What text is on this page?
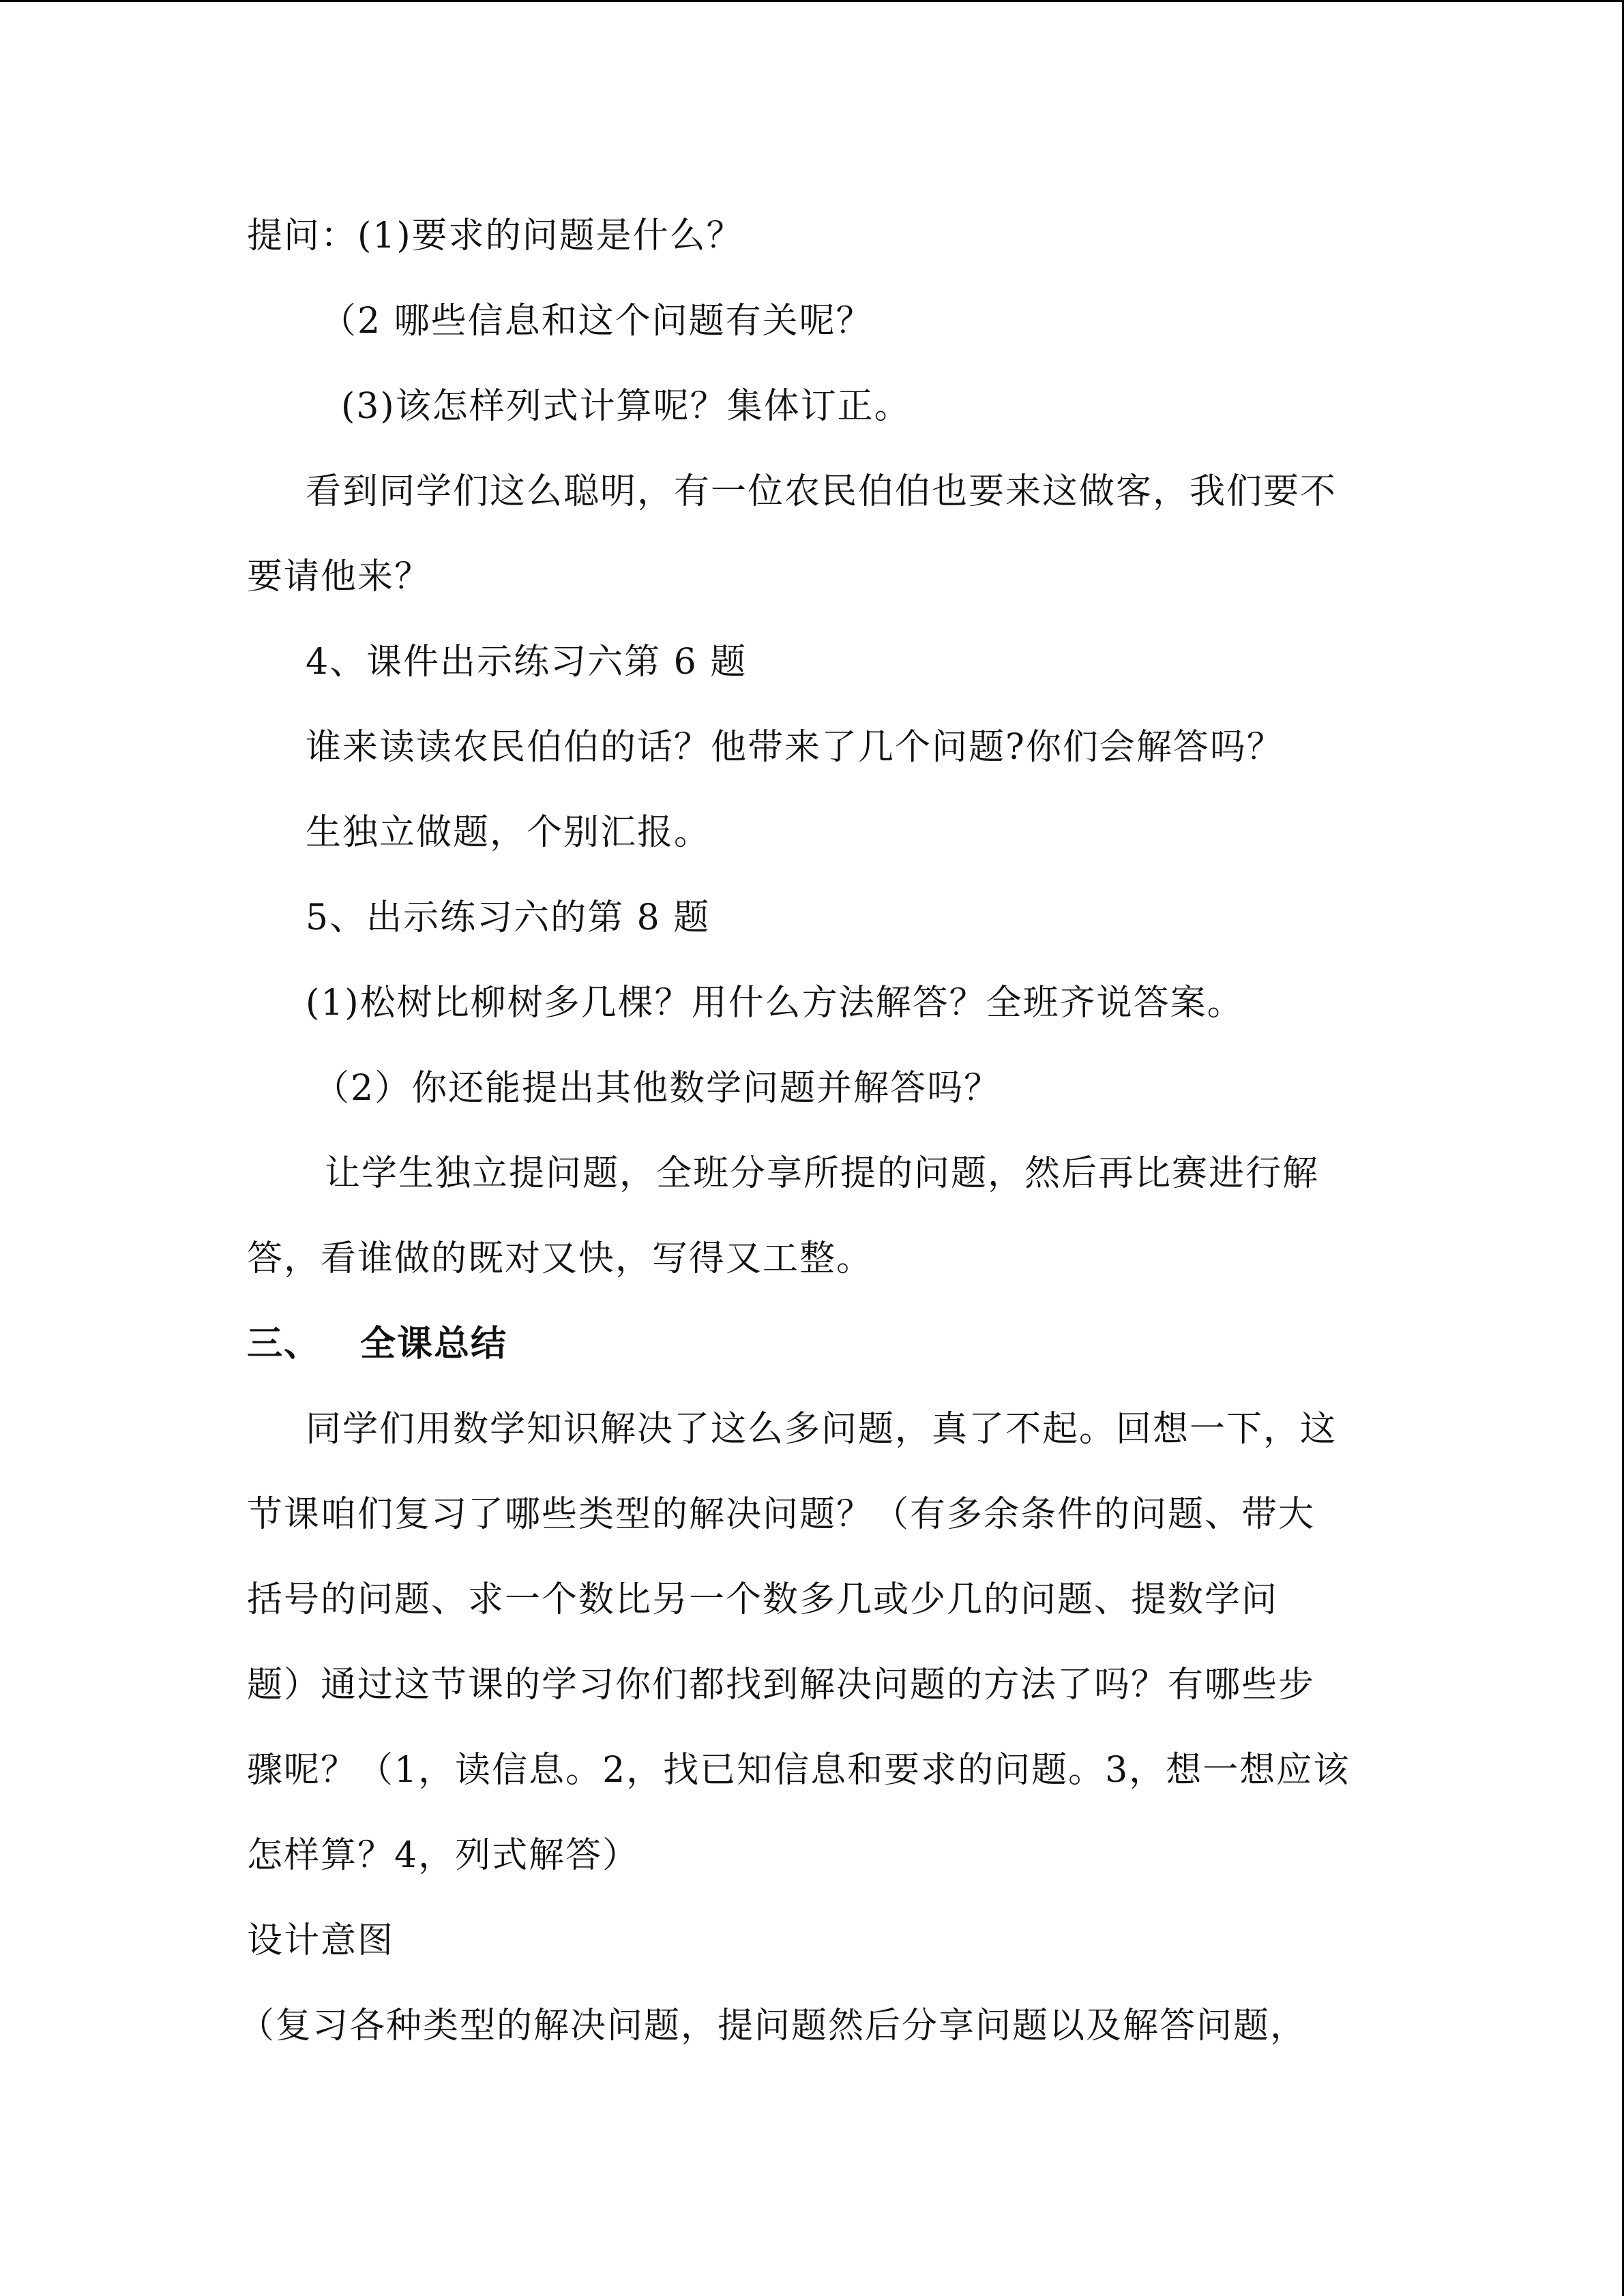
提问：(1)要求的问题是什么？
（2 哪些信息和这个问题有关呢？
(3)该怎样列式计算呢？集体订正。
看到同学们这么聪明，有一位农民伯伯也要来这做客，我们要不
要请他来？
4、课件出示练习六第 6 题
谁来读读农民伯伯的话？他带来了几个问题?你们会解答吗？
生独立做题，个别汇报。
5、出示练习六的第 8 题
(1)松树比柳树多几棵？用什么方法解答？全班齐说答案。
（2）你还能提出其他数学问题并解答吗？
让学生独立提问题，全班分享所提的问题，然后再比赛进行解
答，看谁做的既对又快，写得又工整。
三、 全课总结
同学们用数学知识解决了这么多问题，真了不起。回想一下，这
节课咱们复习了哪些类型的解决问题？（有多余条件的问题、带大
括号的问题、求一个数比另一个数多几或少几的问题、提数学问
题）通过这节课的学习你们都找到解决问题的方法了吗？有哪些步
骤呢？（1，读信息。2，找已知信息和要求的问题。3，想一想应该
怎样算？4，列式解答）
设计意图
（复习各种类型的解决问题，提问题然后分享问题以及解答问题，
